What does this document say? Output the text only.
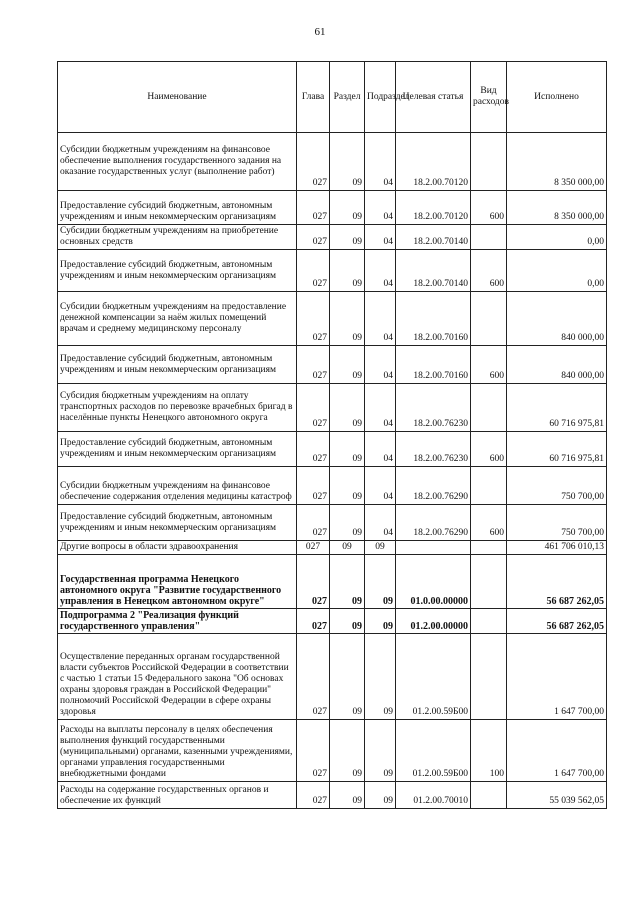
61
Наименование	Глава	Раздел	Подраздел	Целевая статья	Вид расходов	Исполнено
Субсидии бюджетным учреждениям на финансовое обеспечение выполнения государственного задания на оказание государственных услуг (выполнение работ)	027	09	04	18.2.00.70120		8 350 000,00
Предоставление субсидий бюджетным, автономным учреждениям и иным некоммерческим организациям	027	09	04	18.2.00.70120	600	8 350 000,00
Субсидии бюджетным учреждениям на приобретение основных средств	027	09	04	18.2.00.70140		0,00
Предоставление субсидий бюджетным, автономным учреждениям и иным некоммерческим организациям	027	09	04	18.2.00.70140	600	0,00
Субсидии бюджетным учреждениям на предоставление денежной компенсации за наём жилых помещений врачам и среднему медицинскому персоналу	027	09	04	18.2.00.70160		840 000,00
Предоставление субсидий бюджетным, автономным учреждениям и иным некоммерческим организациям	027	09	04	18.2.00.70160	600	840 000,00
Субсидия бюджетным учреждениям на оплату транспортных расходов по перевозке врачебных бригад в населённые пункты Ненецкого автономного округа	027	09	04	18.2.00.76230		60 716 975,81
Предоставление субсидий бюджетным, автономным учреждениям и иным некоммерческим организациям	027	09	04	18.2.00.76230	600	60 716 975,81
Субсидии бюджетным учреждениям на финансовое обеспечение содержания отделения медицины катастроф	027	09	04	18.2.00.76290		750 700,00
Предоставление субсидий бюджетным, автономным учреждениям и иным некоммерческим организациям	027	09	04	18.2.00.76290	600	750 700,00
Другие вопросы в области здравоохранения	027	09	09			461 706 010,13
Государственная программа Ненецкого автономного округа "Развитие государственного управления в Ненецком автономном округе"	027	09	09	01.0.00.00000		56 687 262,05
Подпрограмма 2 "Реализация функций государственного управления"	027	09	09	01.2.00.00000		56 687 262,05
Осуществление переданных органам государственной власти субъектов Российской Федерации в соответствии с частью 1 статьи 15 Федерального закона "Об основах охраны здоровья граждан в Российской Федерации" полномочий Российской Федерации в сфере охраны здоровья	027	09	09	01.2.00.59Б00		1 647 700,00
Расходы на выплаты персоналу в целях обеспечения выполнения функций государственными (муниципальными) органами, казенными учреждениями, органами управления государственными внебюджетными фондами	027	09	09	01.2.00.59Б00	100	1 647 700,00
Расходы на содержание государственных органов и обеспечение их функций	027	09	09	01.2.00.70010		55 039 562,05
